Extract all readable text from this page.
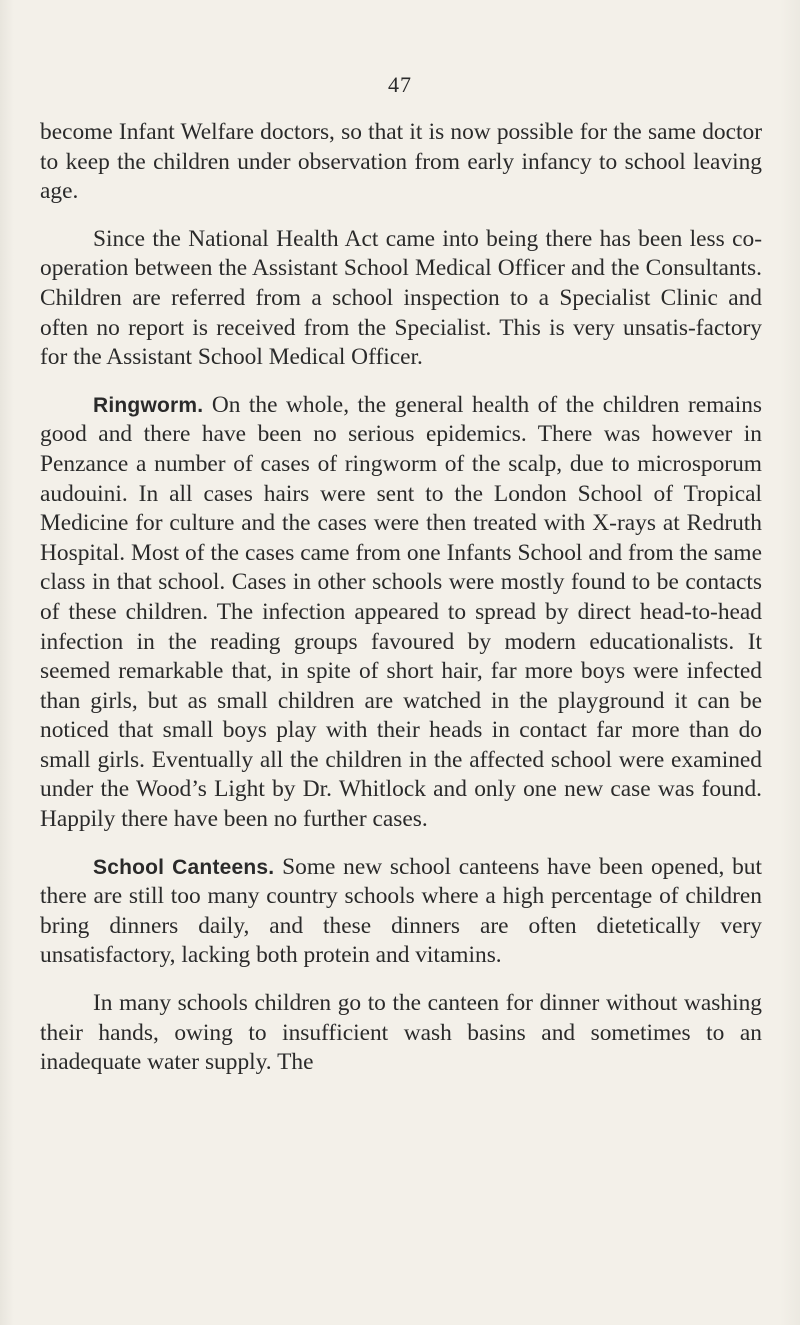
47

become Infant Welfare doctors, so that it is now possible for the same doctor to keep the children under observation from early infancy to school leaving age.

Since the National Health Act came into being there has been less co-operation between the Assistant School Medical Officer and the Consultants. Children are referred from a school inspection to a Specialist Clinic and often no report is received from the Specialist. This is very unsatis-factory for the Assistant School Medical Officer.

Ringworm. On the whole, the general health of the children remains good and there have been no serious epidemics. There was however in Penzance a number of cases of ringworm of the scalp, due to microsporum audouini. In all cases hairs were sent to the London School of Tropical Medicine for culture and the cases were then treated with X-rays at Redruth Hospital. Most of the cases came from one Infants School and from the same class in that school. Cases in other schools were mostly found to be contacts of these children. The infection appeared to spread by direct head-to-head infection in the reading groups favoured by modern educationalists. It seemed remarkable that, in spite of short hair, far more boys were infected than girls, but as small children are watched in the playground it can be noticed that small boys play with their heads in contact far more than do small girls. Eventually all the children in the affected school were examined under the Wood’s Light by Dr. Whitlock and only one new case was found. Happily there have been no further cases.

School Canteens. Some new school canteens have been opened, but there are still too many country schools where a high percentage of children bring dinners daily, and these dinners are often dietetically very unsatisfactory, lacking both protein and vitamins.

In many schools children go to the canteen for dinner without washing their hands, owing to insufficient wash basins and sometimes to an inadequate water supply. The
